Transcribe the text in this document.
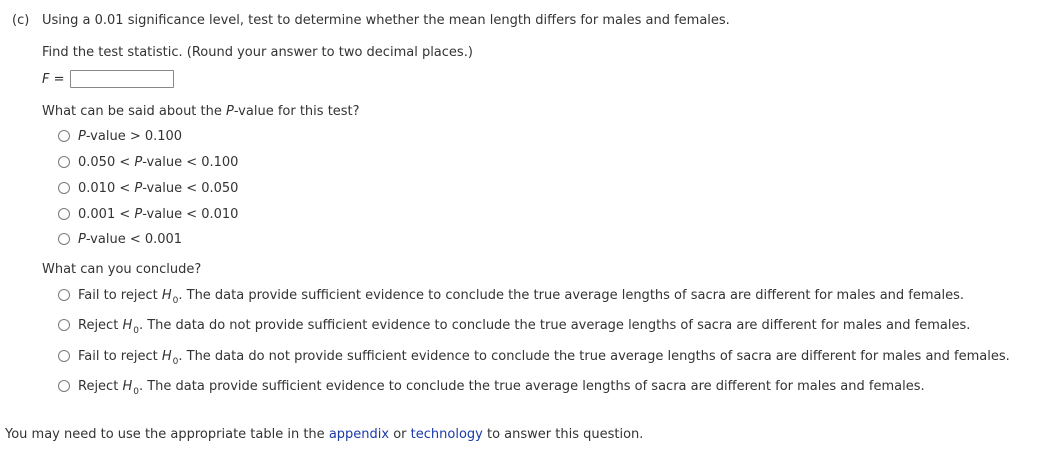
(c) Using a 0.01 significance level, test to determine whether the mean length differs for males and females.
Find the test statistic. (Round your answer to two decimal places.)
F =
What can be said about the P-value for this test?
P-value > 0.100
0.050 < P-value < 0.100
0.010 < P-value < 0.050
0.001 < P-value < 0.010
P-value < 0.001
What can you conclude?
Fail to reject $H_0$. The data provide sufficient evidence to conclude the true average lengths of sacra are different for males and females.
Reject $H_0$. The data do not provide sufficient evidence to conclude the true average lengths of sacra are different for males and females.
Fail to reject $H_0$. The data do not provide sufficient evidence to conclude the true average lengths of sacra are different for males and females.
Reject $H_0$. The data provide sufficient evidence to conclude the true average lengths of sacra are different for males and females.
You may need to use the appropriate table in the appendix or technology to answer this question.
